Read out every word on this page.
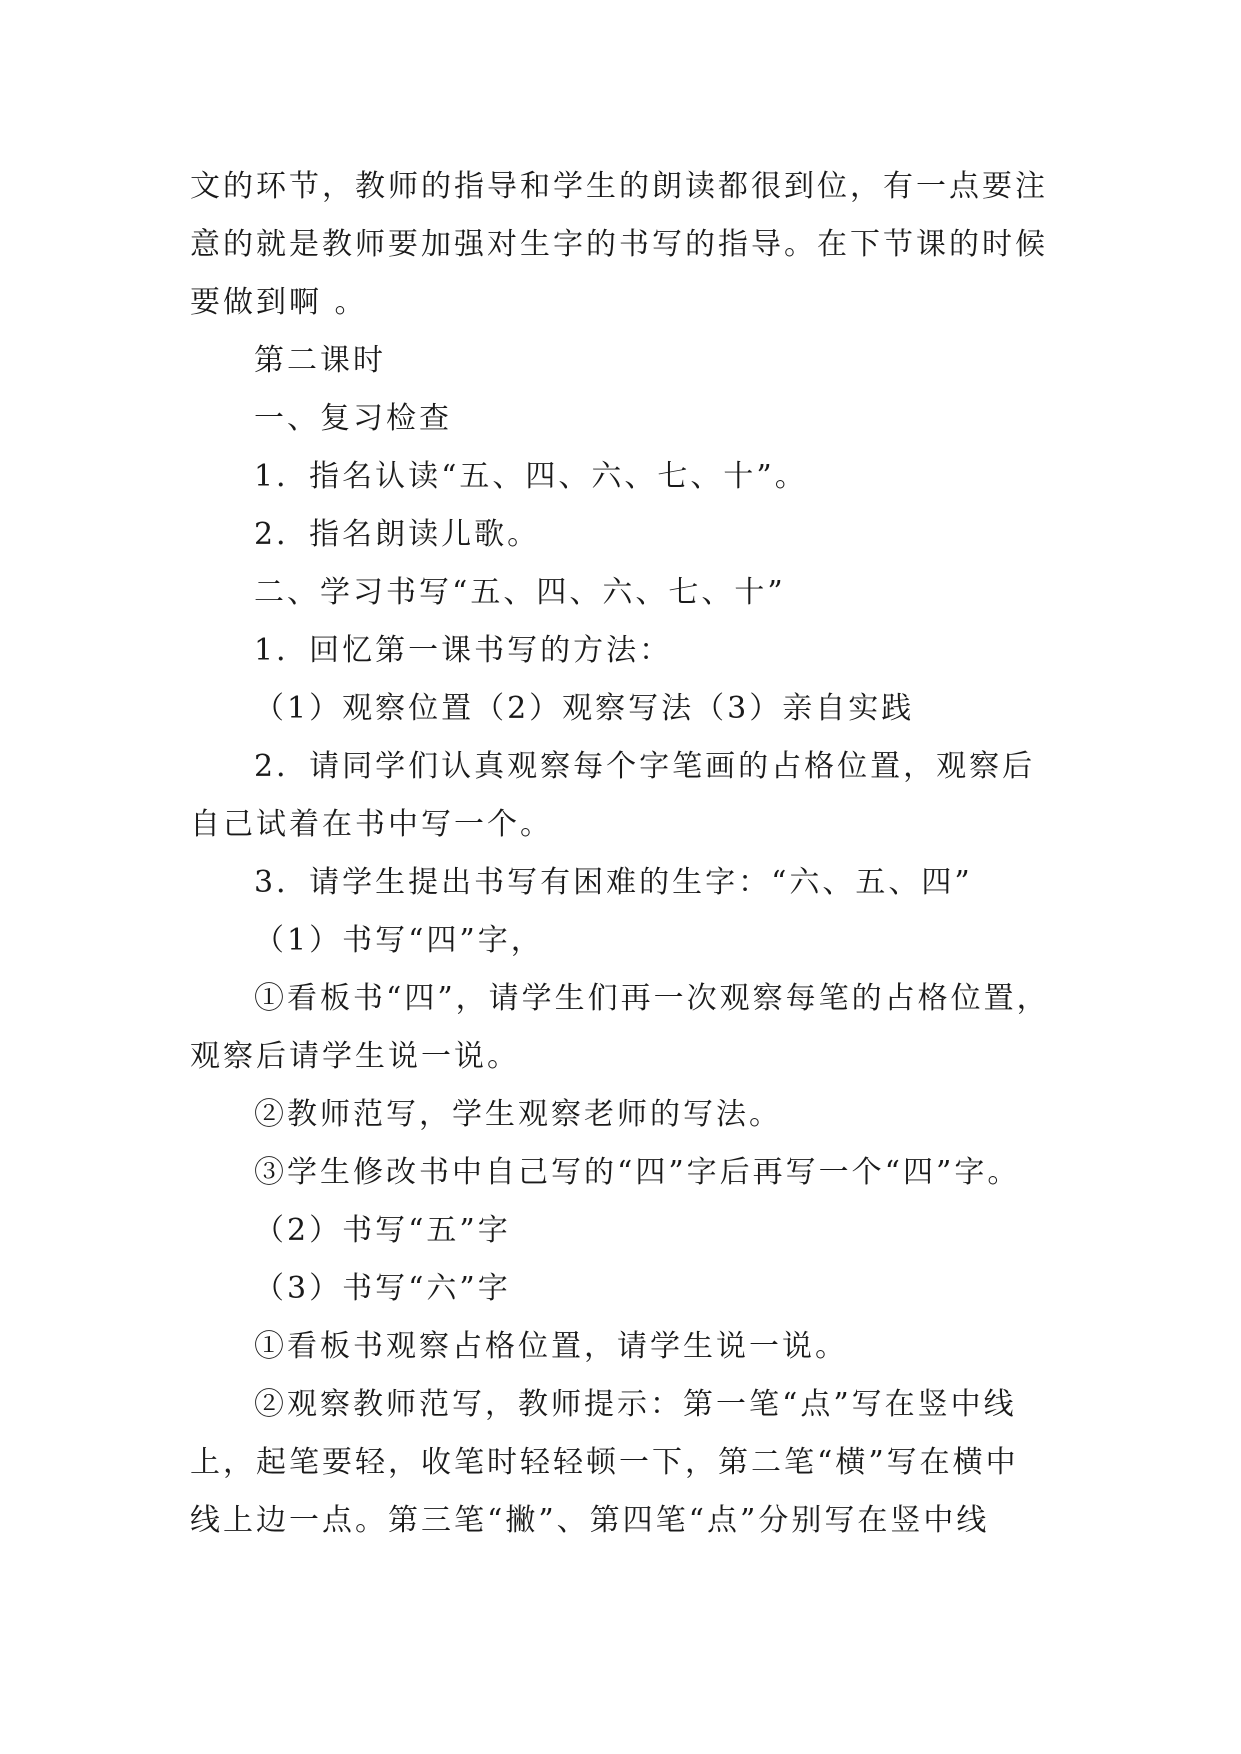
文的环节，教师的指导和学生的朗读都很到位，有一点要注
意的就是教师要加强对生字的书写的指导。在下节课的时候
要做到啊 。
第二课时
一、复习检查
1．指名认读“五、四、六、七、十”。
2．指名朗读儿歌。
二、学习书写“五、四、六、七、十”
1．回忆第一课书写的方法：
（1）观察位置（2）观察写法（3）亲自实践
2．请同学们认真观察每个字笔画的占格位置，观察后
自己试着在书中写一个。
3．请学生提出书写有困难的生字：“六、五、四”
（1）书写“四”字，
①看板书“四”，请学生们再一次观察每笔的占格位置，
观察后请学生说一说。
②教师范写，学生观察老师的写法。
③学生修改书中自己写的“四”字后再写一个“四”字。
（2）书写“五”字
（3）书写“六”字
①看板书观察占格位置，请学生说一说。
②观察教师范写，教师提示：第一笔“点”写在竖中线
上，起笔要轻，收笔时轻轻顿一下，第二笔“横”写在横中
线上边一点。第三笔“撇”、第四笔“点”分别写在竖中线
